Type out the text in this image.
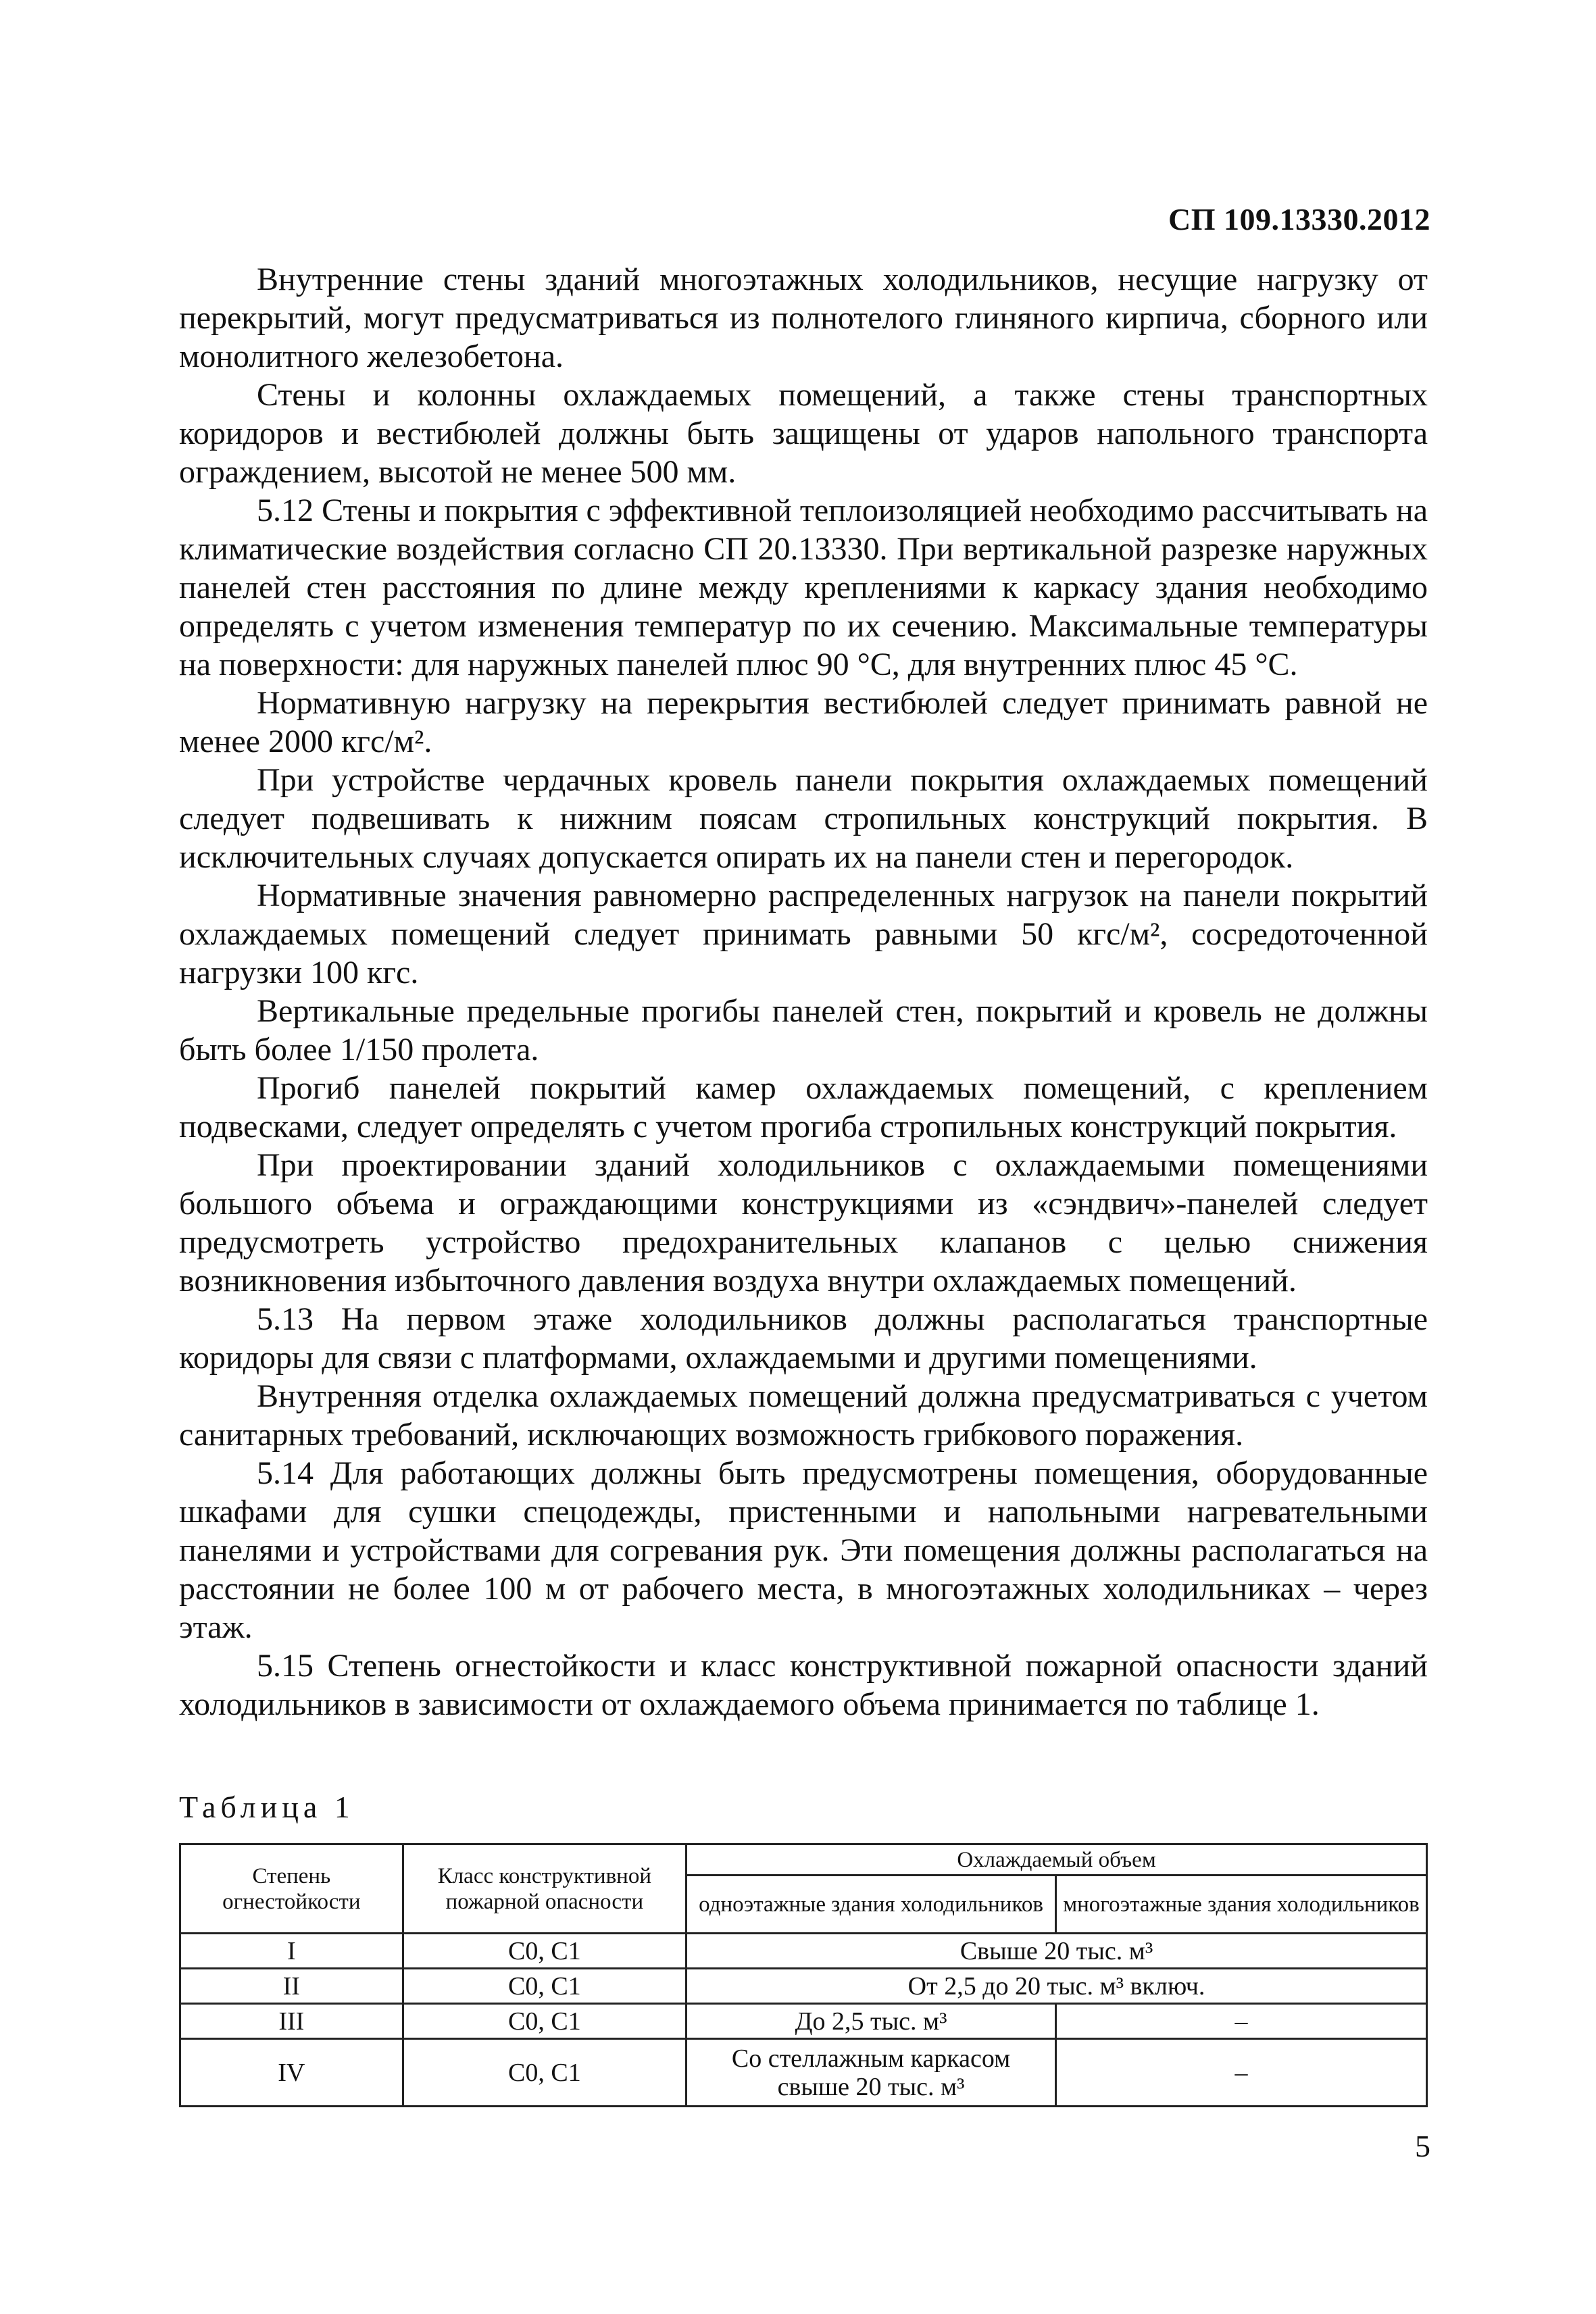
СП 109.13330.2012

Внутренние стены зданий многоэтажных холодильников, несущие нагрузку от перекрытий, могут предусматриваться из полнотелого глиняного кирпича, сборного или монолитного железобетона.

Стены и колонны охлаждаемых помещений, а также стены транспортных коридоров и вестибюлей должны быть защищены от ударов напольного транспорта ограждением, высотой не менее 500 мм.

5.12 Стены и покрытия с эффективной теплоизоляцией необходимо рассчитывать на климатические воздействия согласно СП 20.13330. При вертикальной разрезке наружных панелей стен расстояния по длине между креплениями к каркасу здания необходимо определять с учетом изменения температур по их сечению. Максимальные температуры на поверхности: для наружных панелей плюс 90 °С, для внутренних плюс 45 °С.

Нормативную нагрузку на перекрытия вестибюлей следует принимать равной не менее 2000 кгс/м².

При устройстве чердачных кровель панели покрытия охлаждаемых помещений следует подвешивать к нижним поясам стропильных конструкций покрытия. В исключительных случаях допускается опирать их на панели стен и перегородок.

Нормативные значения равномерно распределенных нагрузок на панели покрытий охлаждаемых помещений следует принимать равными 50 кгс/м², сосредоточенной нагрузки 100 кгс.

Вертикальные предельные прогибы панелей стен, покрытий и кровель не должны быть более 1/150 пролета.

Прогиб панелей покрытий камер охлаждаемых помещений, с креплением подвесками, следует определять с учетом прогиба стропильных конструкций покрытия.

При проектировании зданий холодильников с охлаждаемыми помещениями большого объема и ограждающими конструкциями из «сэндвич»-панелей следует предусмотреть устройство предохранительных клапанов с целью снижения возникновения избыточного давления воздуха внутри охлаждаемых помещений.

5.13 На первом этаже холодильников должны располагаться транспортные коридоры для связи с платформами, охлаждаемыми и другими помещениями.

Внутренняя отделка охлаждаемых помещений должна предусматриваться с учетом санитарных требований, исключающих возможность грибкового поражения.

5.14 Для работающих должны быть предусмотрены помещения, оборудованные шкафами для сушки спецодежды, пристенными и напольными нагревательными панелями и устройствами для согревания рук. Эти помещения должны располагаться на расстоянии не более 100 м от рабочего места, в многоэтажных холодильниках – через этаж.

5.15 Степень огнестойкости и класс конструктивной пожарной опасности зданий холодильников в зависимости от охлаждаемого объема принимается по таблице 1.

Таблица 1
Степень огнестойкости	Класс конструктивной пожарной опасности	Охлаждаемый объем	
		одноэтажные здания холодильников	многоэтажные здания холодильников
I	С0, С1	Свыше 20 тыс. м³	
II	С0, С1	От 2,5 до 20 тыс. м³ включ.	
III	С0, С1	До 2,5 тыс. м³	–
IV	С0, С1	Со стеллажным каркасом свыше 20 тыс. м³	–
5
